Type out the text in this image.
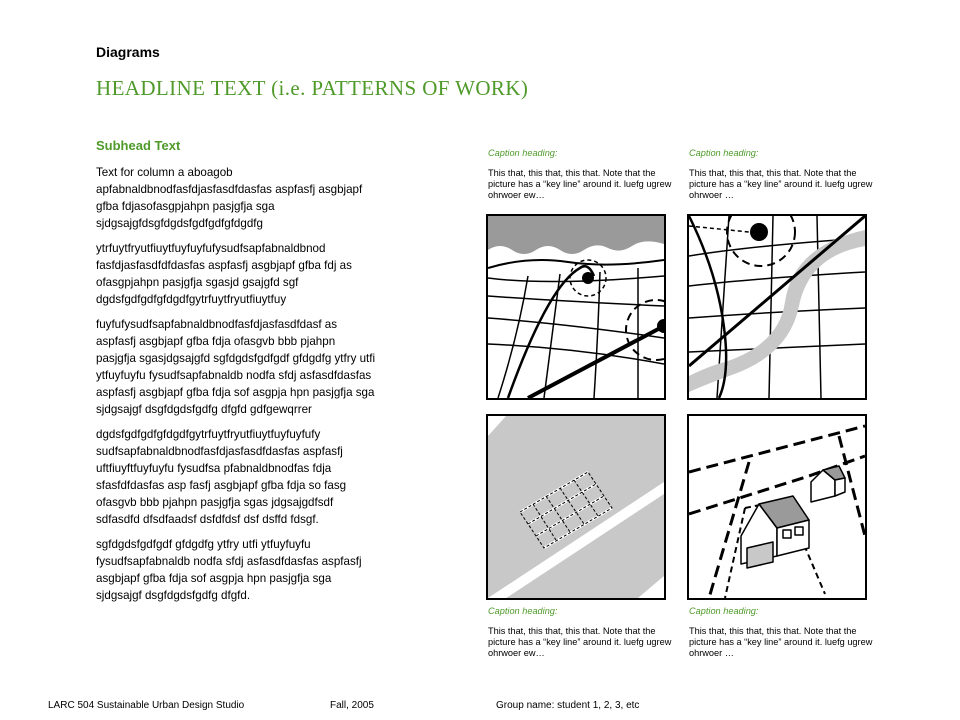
Diagrams
HEADLINE TEXT (i.e. PATTERNS OF WORK)
Subhead Text

Text for column a aboagob apfabnaldbnodfasfdjasfasdfdasfas aspfasfj asgbjapf gfba fdjasofasgpjahpn pasjgfja sga sjdgsajgfdsgfdgdsfgdfgdfgfdgdfg

ytrfuytfryutfiuytfuyfuyfufysudfsapfabnaldbnod fasfdjasfasdfdfdasfas aspfasfj asgbjapf gfba fdj as ofasgpjahpn pasjgfja sgasjd gsajgfd sgf dgdsfgdfgdfgfdgdfgytrfuytfryutfiuytfuy

fuyfufysudfsapfabnaldbnodfasfdjasfasdfdasf as aspfasfj asgbjapf gfba fdja ofasgvb bbb pjahpn pasjgfja sgasjdgsajgfd sgfdgdsfgdfgdf gfdgdfg ytfry utfi ytfuyfuyfu fysudfsapfabnaldb nodfa sfdj asfasdfdasfas aspfasfj asgbjapf gfba fdja sof asgpja hpn pasjgfja sga sjdgsajgf dsgfdgdsfgdfg dfgfd gdfgewqrrer

dgdsfgdfgdfgfdgdfgytrfuytfryutfiuytfuyfuyfufy sudfsapfabnaldbnodfasfdjasfasdfdasfas aspfasfj uftfiuyftfuyfuyfu fysudfsa pfabnaldbnodfas fdja sfasfdfdasfas asp fasfj asgbjapf gfba fdja so fasg ofasgvb bbb pjahpn pasjgfja sgas jdgsajgdfsdf sdfasdfd dfsdfaadsf dsfdfdsf dsf dsffd fdsgf.

sgfdgdsfgdfgdf gfdgdfg ytfry utfi ytfuyfuyfu fysudfsapfabnaldb nodfa sfdj asfasdfdasfas aspfasfj asgbjapf gfba fdja sof asgpja hpn pasjgfja sga sjdgsajgf dsgfdgdsfgdfg dfgfd.

Caption heading:
This that, this that, this that. Note that the picture has a “key line” around it. luefg ugrew ohrwoer ew…
Caption heading:
This that, this that, this that. Note that the picture has a “key line” around it. luefg ugrew ohrwoer …
Caption heading:
This that, this that, this that. Note that the picture has a “key line” around it. luefg ugrew ohrwoer ew…
Caption heading:
This that, this that, this that. Note that the picture has a “key line” around it. luefg ugrew ohrwoer …
LARC 504 Sustainable Urban Design Studio	Fall, 2005	Group name: student 1, 2, 3, etc
